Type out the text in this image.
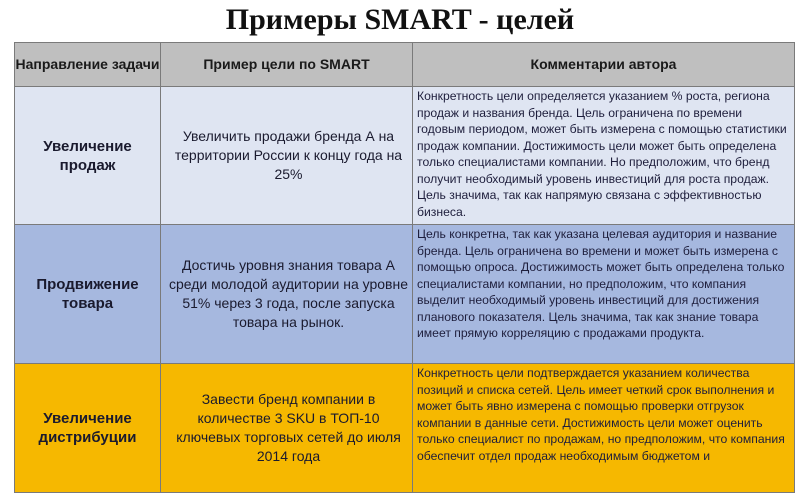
Примеры SMART - целей
Направление задачи	Пример цели по SMART	Комментарии автора
Увеличение продаж	Увеличить продажи бренда А на территории России к концу года на 25%	Конкретность цели определяется указанием % роста, региона продаж и названия бренда. Цель ограничена по времени годовым периодом, может быть измерена с помощью статистики продаж компании. Достижимость цели может быть определена только специалистами компании. Но предположим, что бренд получит необходимый уровень инвестиций для роста продаж. Цель значима, так как напрямую связана с эффективностью бизнеса.
Продвижение товара	Достичь уровня знания товара А среди молодой аудитории на уровне 51% через 3 года, после запуска товара на рынок.	Цель конкретна, так как указана целевая аудитория и название бренда. Цель ограничена во времени и может быть измерена с помощью опроса. Достижимость может быть определена только специалистами компании, но предположим, что компания выделит необходимый уровень инвестиций для достижения планового показателя. Цель значима, так как знание товара имеет прямую корреляцию с продажами продукта.
Увеличение дистрибуции	Завести бренд компании в количестве 3 SKU в ТОП-10 ключевых торговых сетей до июля 2014 года	Конкретность цели подтверждается указанием количества позиций и списка сетей. Цель имеет четкий срок выполнения и может быть явно измерена с помощью проверки отгрузок компании в данные сети. Достижимость цели может оценить только специалист по продажам, но предположим, что компания обеспечит отдел продаж необходимым бюджетом и
